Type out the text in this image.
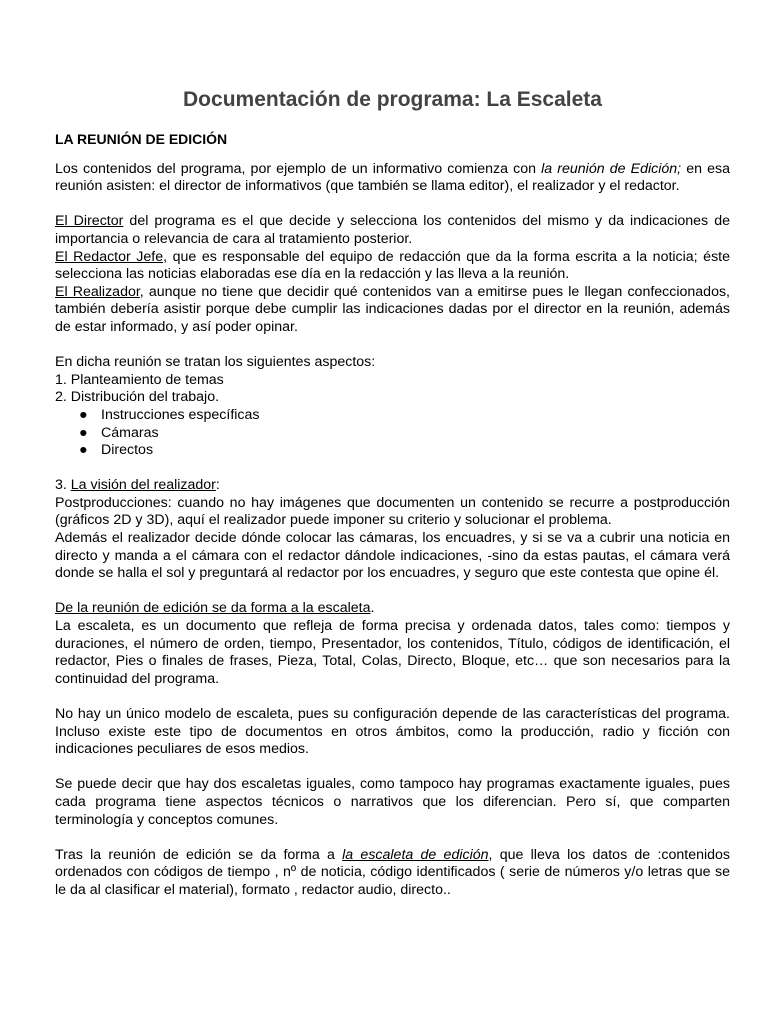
Documentación de programa: La Escaleta
LA REUNIÓN DE EDICIÓN

Los contenidos del programa, por ejemplo de un informativo comienza con la reunión de Edición; en esa reunión asisten: el director de informativos (que también se llama editor), el realizador y el redactor.

El Director del programa es el que decide y selecciona los contenidos del mismo y da indicaciones de importancia o relevancia de cara al tratamiento posterior.

El Redactor Jefe, que es responsable del equipo de redacción que da la forma escrita a la noticia; éste selecciona las noticias elaboradas ese día en la redacción y las lleva a la reunión.

El Realizador, aunque no tiene que decidir qué contenidos van a emitirse pues le llegan confeccionados, también debería asistir porque debe cumplir las indicaciones dadas por el director en la reunión, además de estar informado, y así poder opinar.

En dicha reunión se tratan los siguientes aspectos:

1. Planteamiento de temas

2. Distribución del trabajo.

● Instrucciones específicas
● Cámaras
● Directos

3. La visión del realizador:

Postproducciones: cuando no hay imágenes que documenten un contenido se recurre a postproducción (gráficos 2D y 3D), aquí el realizador puede imponer su criterio y solucionar el problema.

Además el realizador decide dónde colocar las cámaras, los encuadres, y si se va a cubrir una noticia en directo y manda a el cámara con el redactor dándole indicaciones, -sino da estas pautas, el cámara verá donde se halla el sol y preguntará al redactor por los encuadres, y seguro que este contesta que opine él.

De la reunión de edición se da forma a la escaleta.

La escaleta, es un documento que refleja de forma precisa y ordenada datos, tales como: tiempos y duraciones, el número de orden, tiempo, Presentador, los contenidos, Título, códigos de identificación, el redactor, Pies o finales de frases, Pieza, Total, Colas, Directo, Bloque, etc… que son necesarios para la continuidad del programa.

No hay un único modelo de escaleta, pues su configuración depende de las características del programa. Incluso existe este tipo de documentos en otros ámbitos, como la producción, radio y ficción con indicaciones peculiares de esos medios.

Se puede decir que hay dos escaletas iguales, como tampoco hay programas exactamente iguales, pues cada programa tiene aspectos técnicos o narrativos que los diferencian. Pero sí, que comparten terminología y conceptos comunes.

Tras la reunión de edición se da forma a la escaleta de edición, que lleva los datos de :contenidos ordenados con códigos de tiempo , nº de noticia, código identificados ( serie de números y/o letras que se le da al clasificar el material), formato , redactor audio, directo..
